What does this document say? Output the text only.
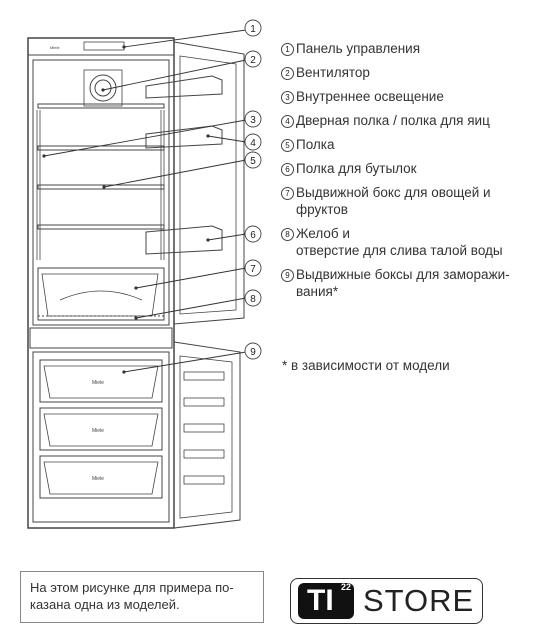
Miele
Miele
Miele
Miele
1
2
3
4
5
6
7
8
9
1 Панель управления
2 Вентилятор
3 Внутреннее освещение
4 Дверная полка / полка для яиц
5 Полка
6 Полка для бутылок
7 Выдвижной бокс для овощей и
фруктов
8 Желоб и
отверстие для слива талой воды
9 Выдвижные боксы для заморажи-
вания*
* в зависимости от модели
На этом рисунке для примера по-
казана одна из моделей.	TI 22 STORE
